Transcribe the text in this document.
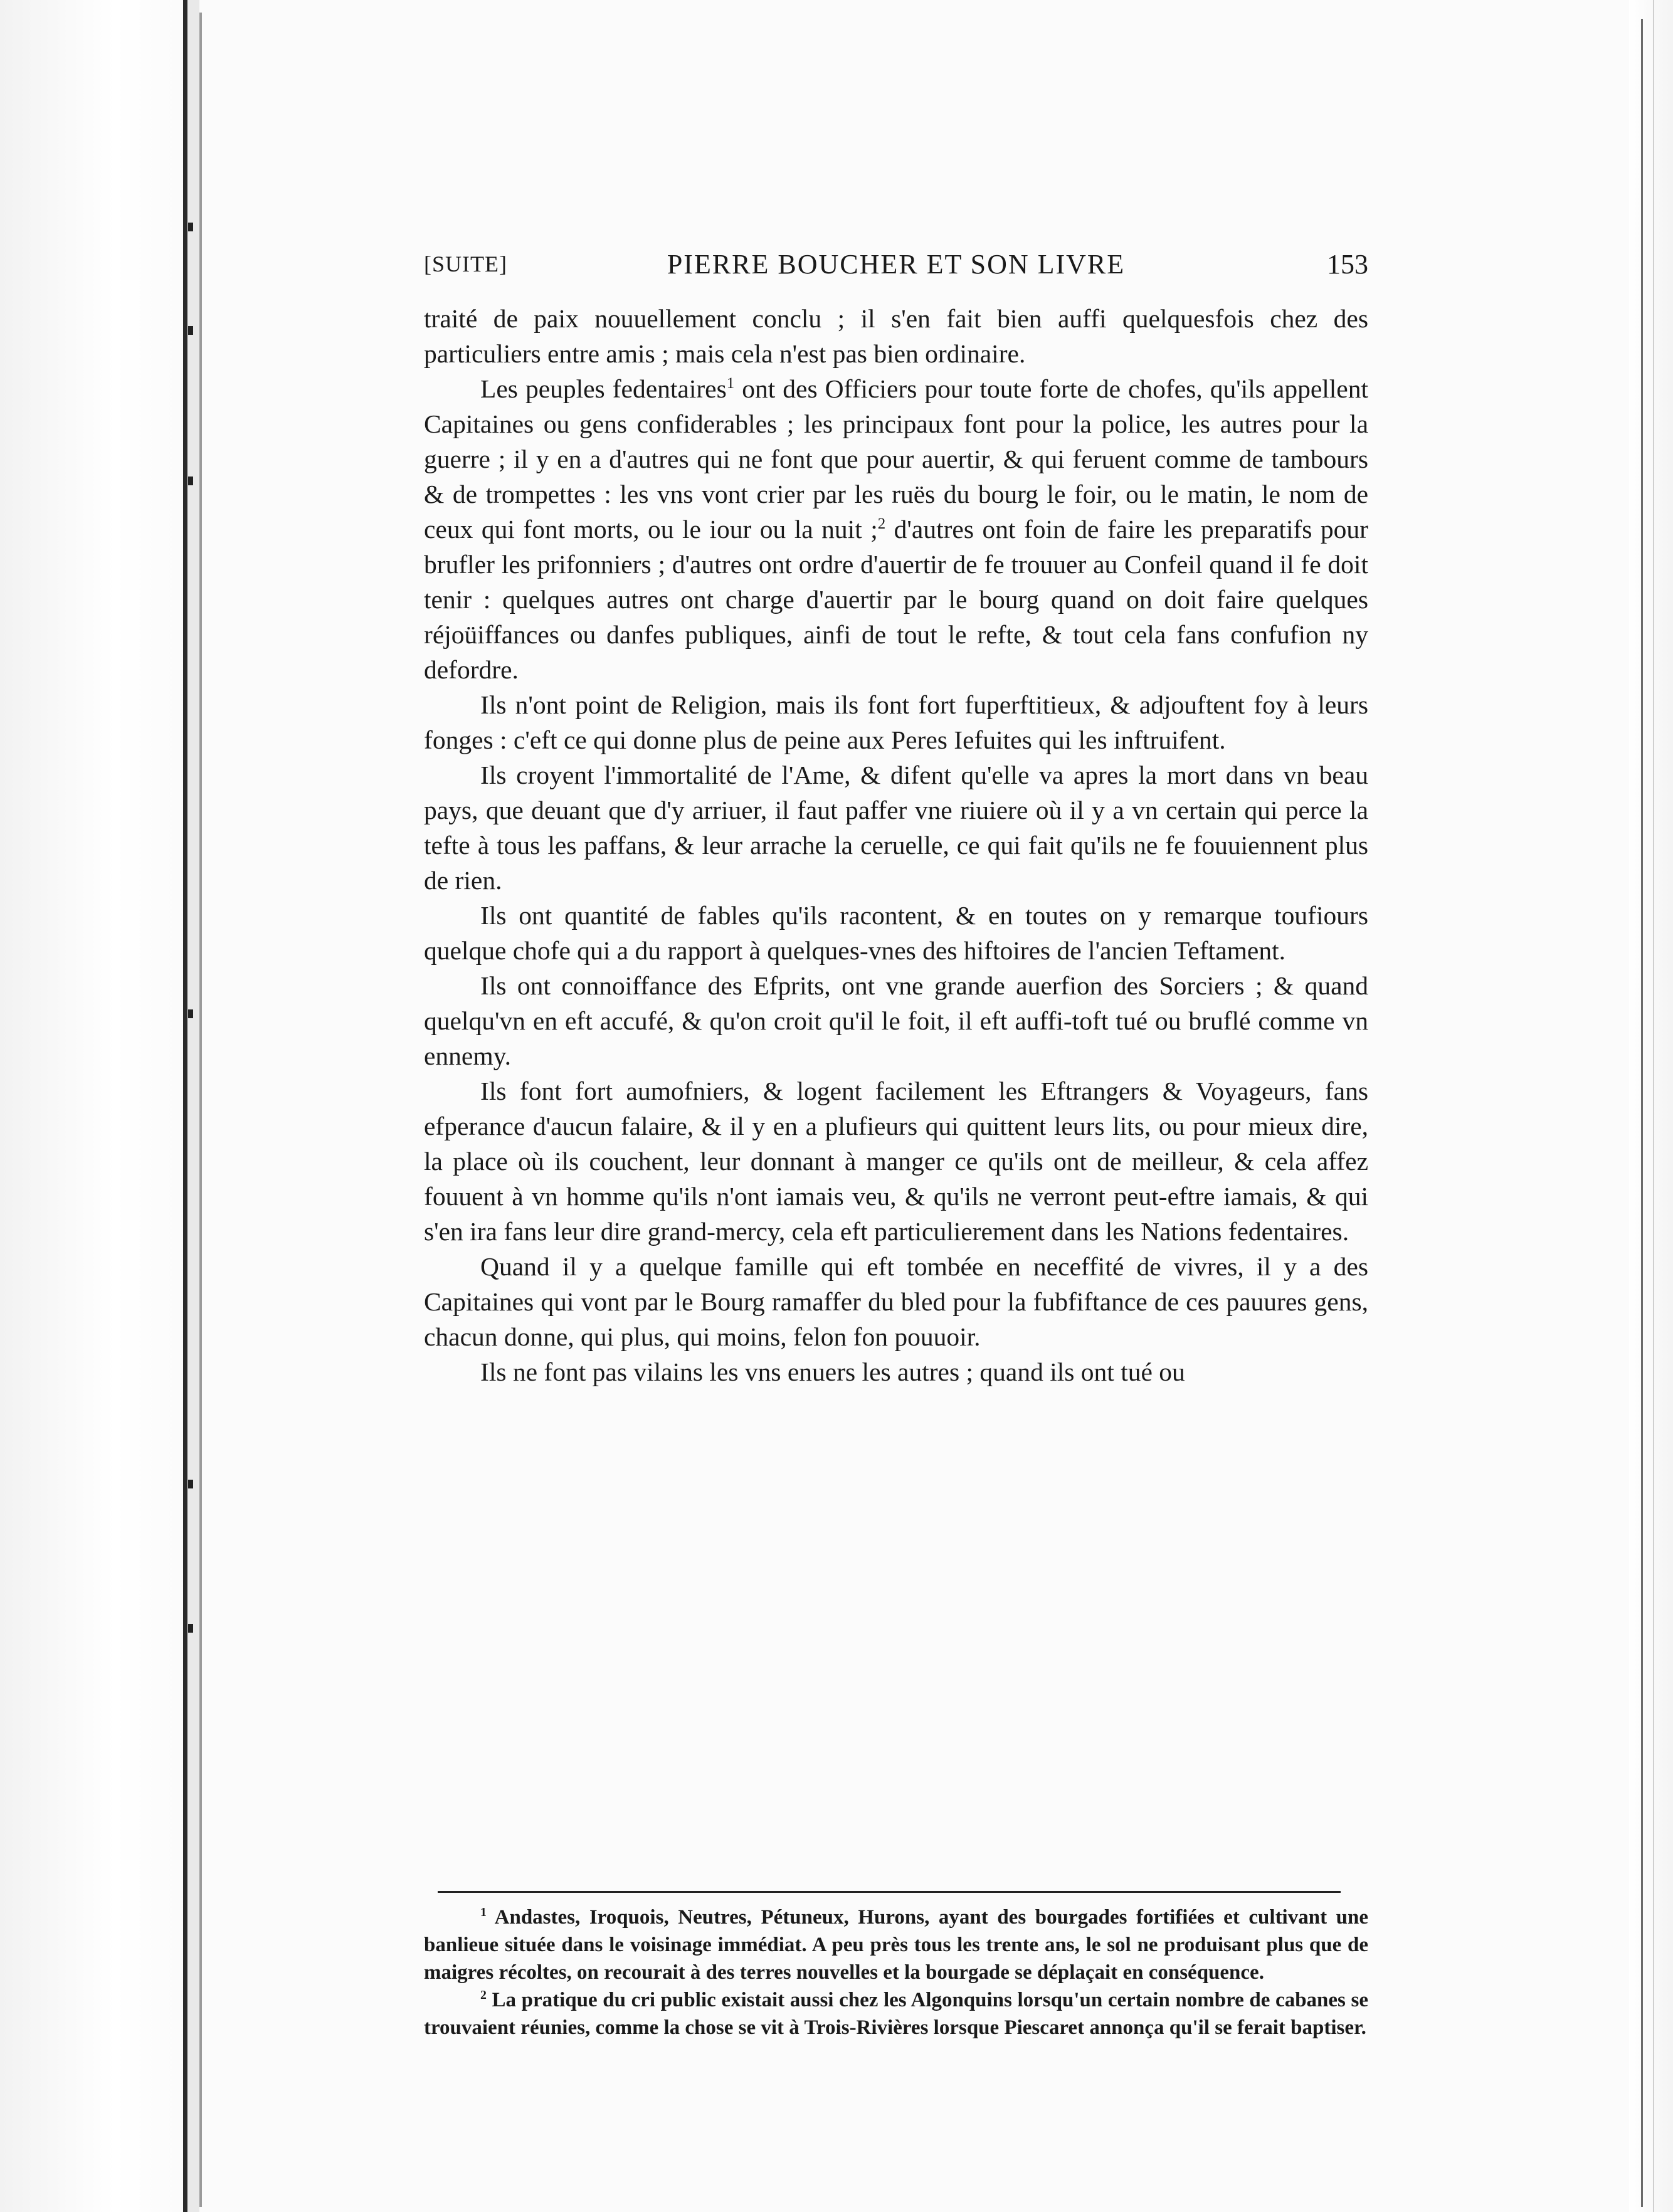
[SUITE]	PIERRE BOUCHER ET SON LIVRE	153

traité de paix nouuellement conclu ; il s'en fait bien auffi quelquesfois chez des particuliers entre amis ; mais cela n'est pas bien ordinaire.

Les peuples fedentaires$^1$ ont des Officiers pour toute forte de chofes, qu'ils appellent Capitaines ou gens confiderables ; les principaux font pour la police, les autres pour la guerre ; il y en a d'autres qui ne font que pour auertir, & qui feruent comme de tambours & de trompettes : les vns vont crier par les ruës du bourg le foir, ou le matin, le nom de ceux qui font morts, ou le iour ou la nuit ;$^2$ d'autres ont foin de faire les preparatifs pour brufler les prifonniers ; d'autres ont ordre d'auertir de fe trouuer au Confeil quand il fe doit tenir : quelques autres ont charge d'auertir par le bourg quand on doit faire quelques réjoüiffances ou danfes publiques, ainfi de tout le refte, & tout cela fans confufion ny defordre.

Ils n'ont point de Religion, mais ils font fort fuperftitieux, & adjouftent foy à leurs fonges : c'eft ce qui donne plus de peine aux Peres Iefuites qui les inftruifent.

Ils croyent l'immortalité de l'Ame, & difent qu'elle va apres la mort dans vn beau pays, que deuant que d'y arriuer, il faut paffer vne riuiere où il y a vn certain qui perce la tefte à tous les paffans, & leur arrache la ceruelle, ce qui fait qu'ils ne fe fouuiennent plus de rien.

Ils ont quantité de fables qu'ils racontent, & en toutes on y remarque toufiours quelque chofe qui a du rapport à quelques-vnes des hiftoires de l'ancien Teftament.

Ils ont connoiffance des Efprits, ont vne grande auerfion des Sorciers ; & quand quelqu'vn en eft accufé, & qu'on croit qu'il le foit, il eft auffi-toft tué ou bruflé comme vn ennemy.

Ils font fort aumofniers, & logent facilement les Eftrangers & Voyageurs, fans efperance d'aucun falaire, & il y en a plufieurs qui quittent leurs lits, ou pour mieux dire, la place où ils couchent, leur donnant à manger ce qu'ils ont de meilleur, & cela affez fouuent à vn homme qu'ils n'ont iamais veu, & qu'ils ne verront peut-eftre iamais, & qui s'en ira fans leur dire grand-mercy, cela eft particulierement dans les Nations fedentaires.

Quand il y a quelque famille qui eft tombée en neceffité de vivres, il y a des Capitaines qui vont par le Bourg ramaffer du bled pour la fubfiftance de ces pauures gens, chacun donne, qui plus, qui moins, felon fon pouuoir.

Ils ne font pas vilains les vns enuers les autres ; quand ils ont tué ou

$^1$ Andastes, Iroquois, Neutres, Pétuneux, Hurons, ayant des bourgades fortifiées et cultivant une banlieue située dans le voisinage immédiat. A peu près tous les trente ans, le sol ne produisant plus que de maigres récoltes, on recourait à des terres nouvelles et la bourgade se déplaçait en conséquence.

$^2$ La pratique du cri public existait aussi chez les Algonquins lorsqu'un certain nombre de cabanes se trouvaient réunies, comme la chose se vit à Trois-Rivières lorsque Piescaret annonça qu'il se ferait baptiser.
